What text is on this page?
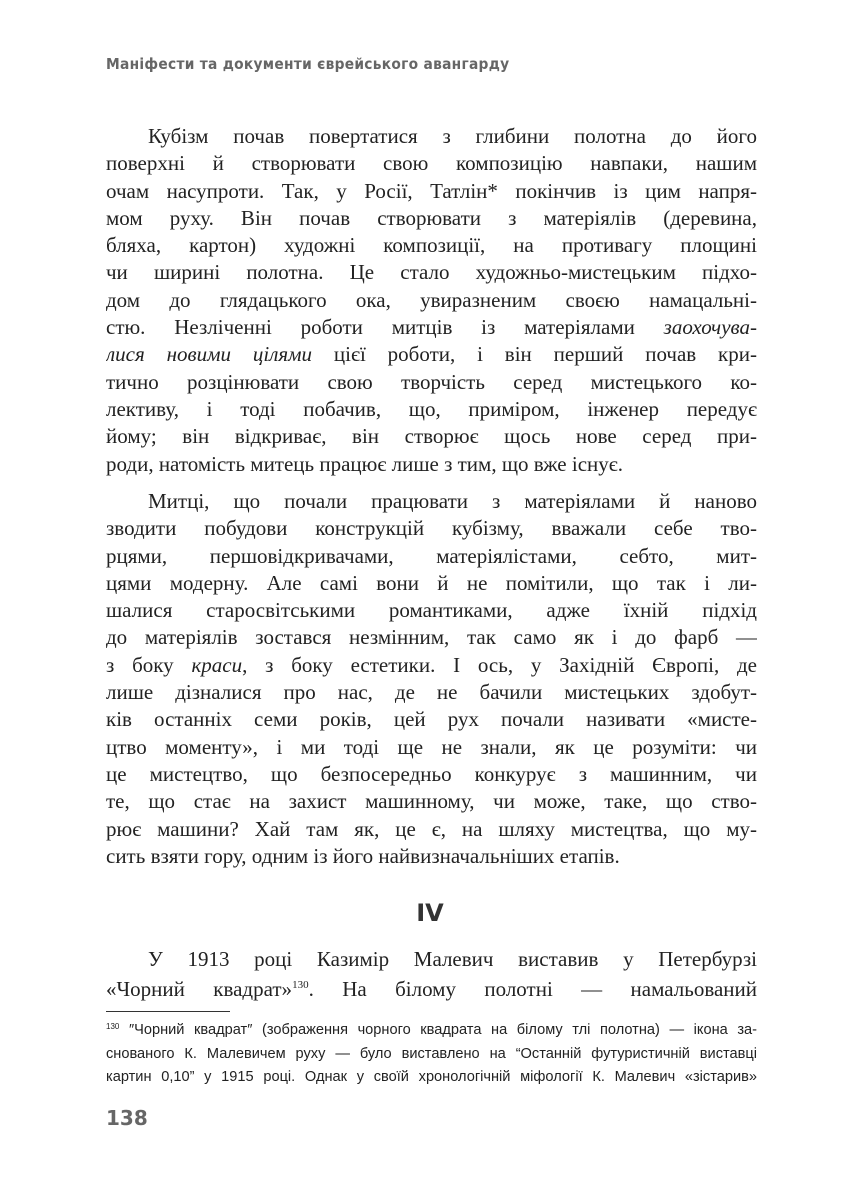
Маніфести та документи єврейського авангарду
Кубізм почав повертатися з глибини полотна до його
поверхні й створювати свою композицію навпаки, нашим
очам насупроти. Так, у Росії, Татлін* покінчив із цим напря-
мом руху. Він почав створювати з матеріялів (деревина,
бляха, картон) художні композиції, на противагу площині
чи ширині полотна. Це стало художньо-мистецьким підхо-
дом до глядацького ока, увиразненим своєю намацальні-
стю. Незліченні роботи митців із матеріялами заохочува-
лися новими цілями цієї роботи, і він перший почав кри-
тично розцінювати свою творчість серед мистецького ко-
лективу, і тоді побачив, що, приміром, інженер передує
йому; він відкриває, він створює щось нове серед при-
роди, натомість митець працює лише з тим, що вже існує.
Митці, що почали працювати з матеріялами й наново
зводити побудови конструкцій кубізму, вважали себе тво-
рцями, першовідкривачами, матеріялістами, себто, мит-
цями модерну. Але самі вони й не помітили, що так і ли-
шалися старосвітськими романтиками, адже їхній підхід
до матеріялів зостався незмінним, так само як і до фарб —
з боку краси, з боку естетики. І ось, у Західній Європі, де
лише дізналися про нас, де не бачили мистецьких здобут-
ків останніх семи років, цей рух почали називати «мисте-
цтво моменту», і ми тоді ще не знали, як це розуміти: чи
це мистецтво, що безпосередньо конкурує з машинним, чи
те, що стає на захист машинному, чи може, таке, що ство-
рює машини? Хай там як, це є, на шляху мистецтва, що му-
сить взяти гору, одним із його найвизначальніших етапів.
IV
У 1913 році Казимір Малевич виставив у Петербурзі
«Чорний квадрат»$^{130}$. На білому полотні — намальований
$^{130}$ ″Чорний квадрат″ (зображення чорного квадрата на білому тлі полотна) — ікона за-
снованого К. Малевичем руху — було виставлено на “Останній футуристичній виставці
картин 0,10” у 1915 році. Однак у своїй хронологічній міфології К. Малевич «зістарив»
138
